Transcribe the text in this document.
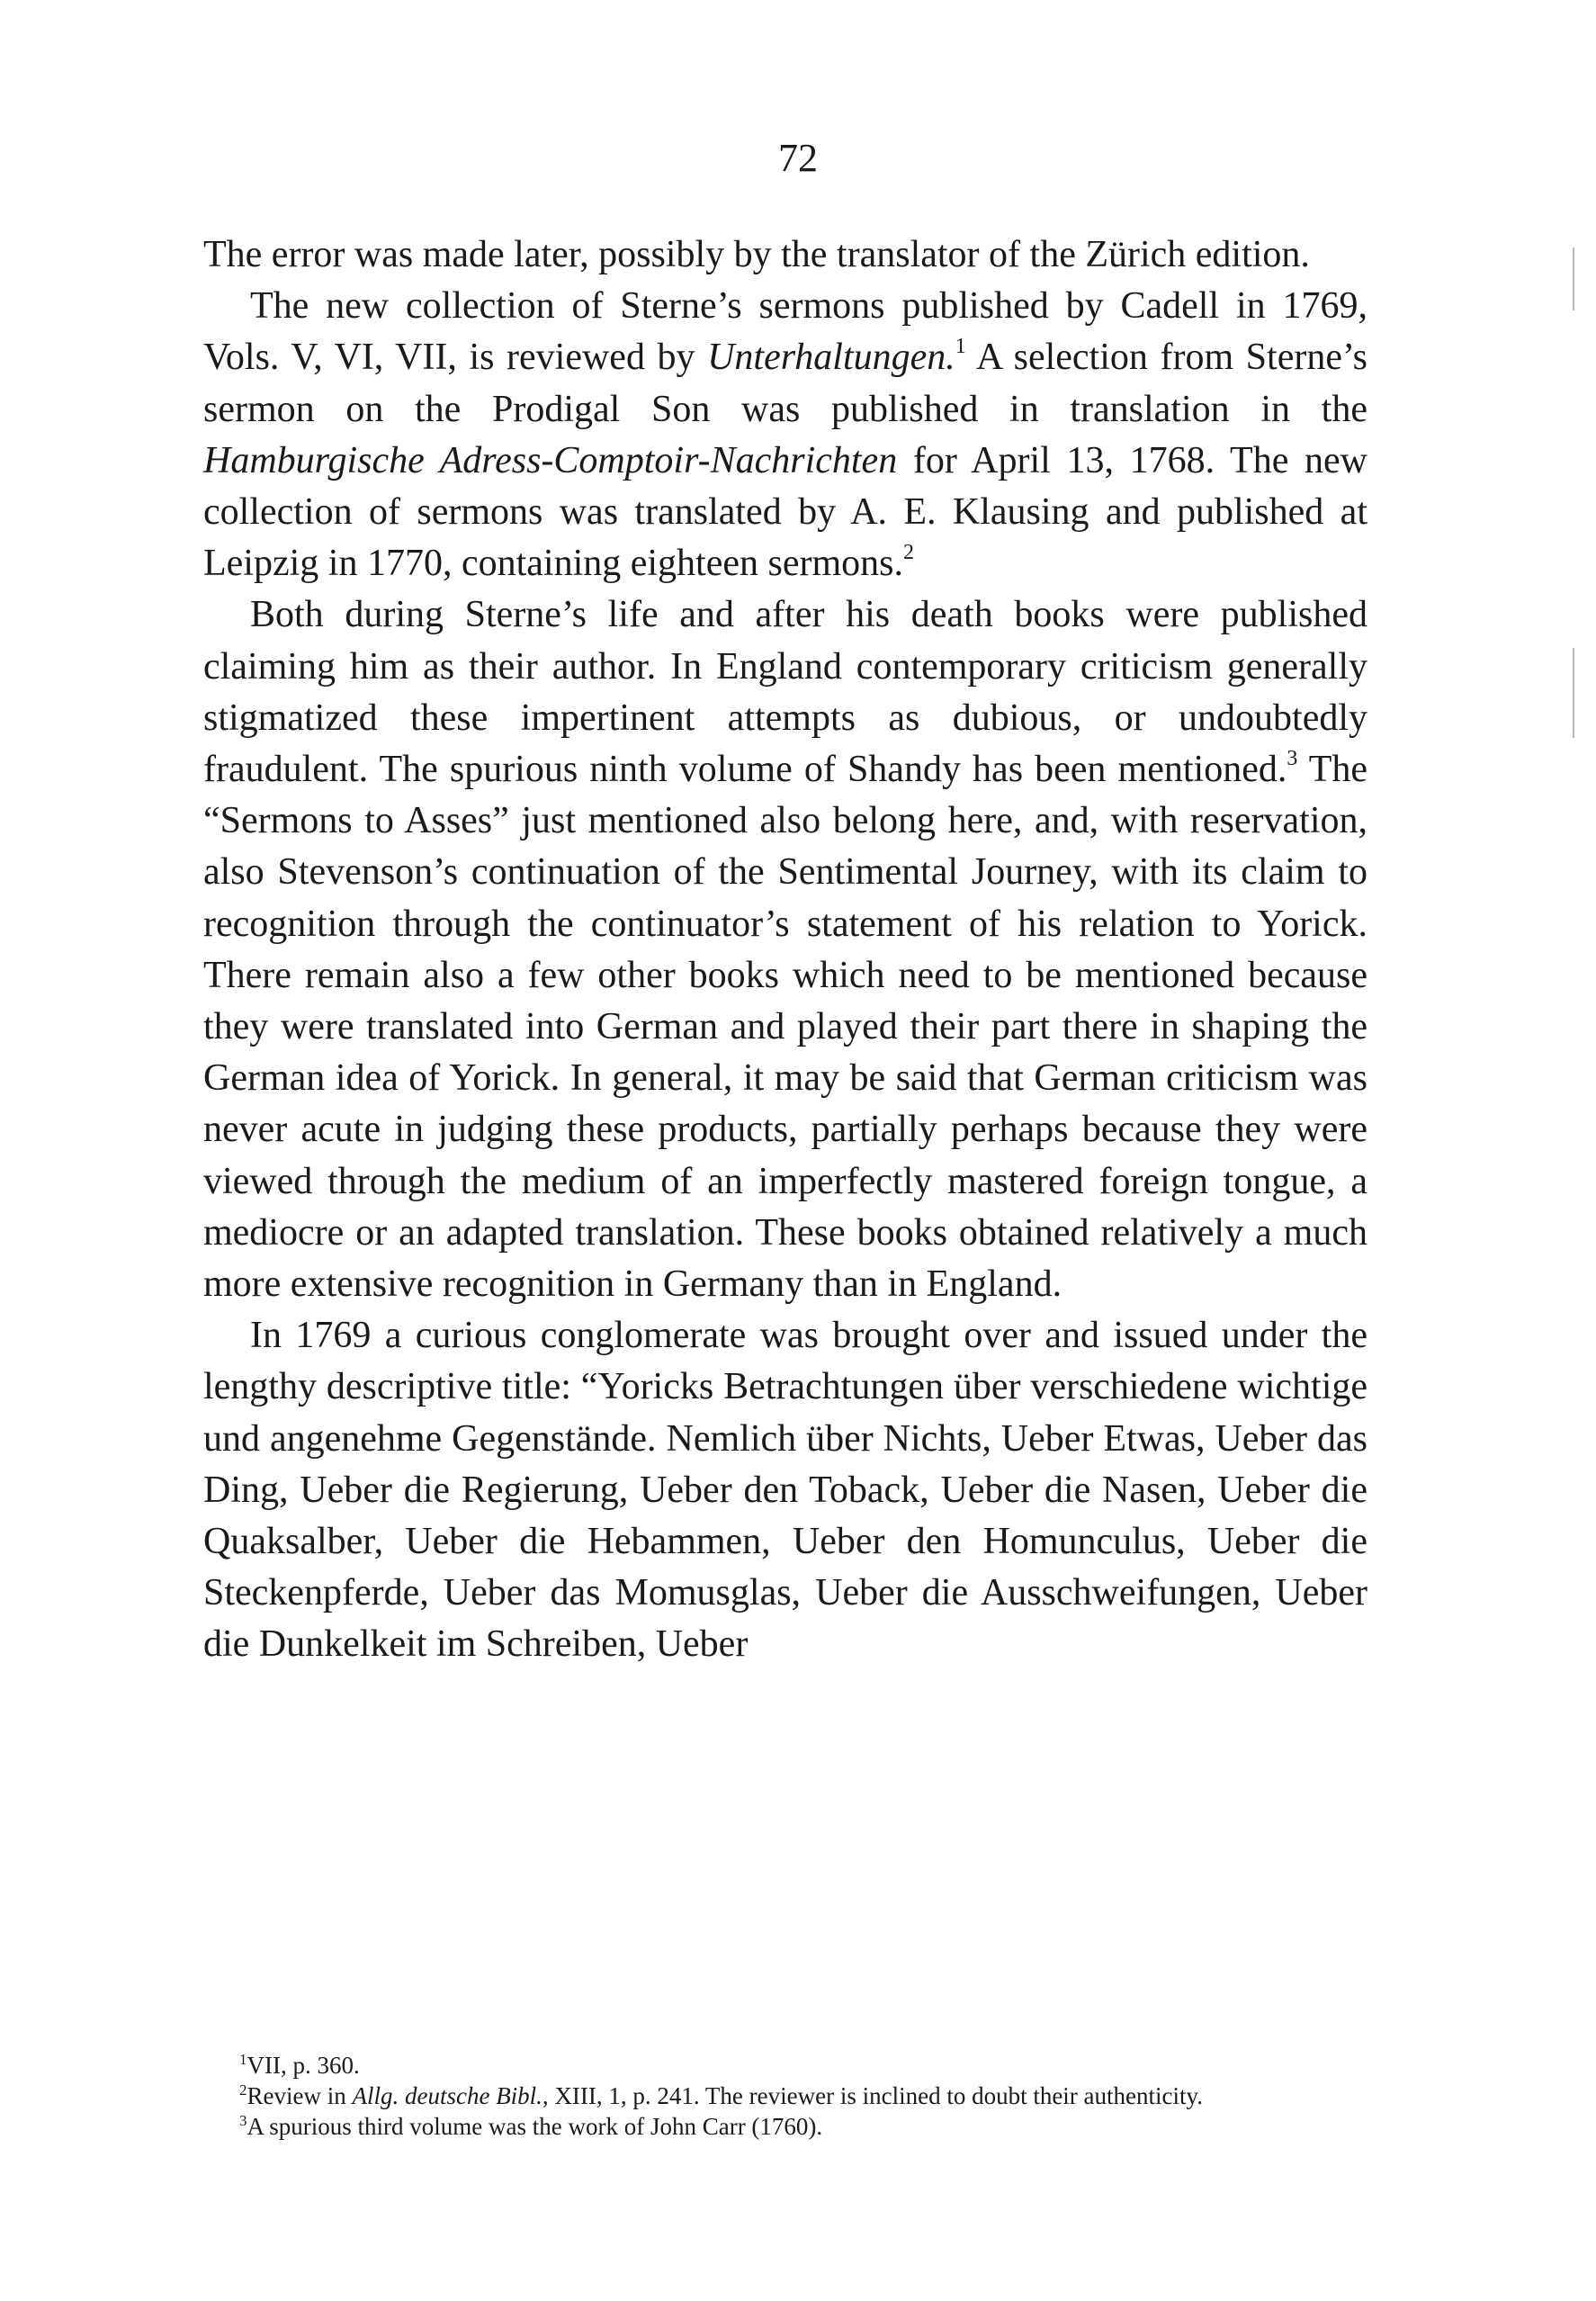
72

The error was made later, possibly by the translator of the Zürich edition.

The new collection of Sterne’s sermons published by Cadell in 1769, Vols. V, VI, VII, is reviewed by Unterhaltungen.$^1$ A selection from Sterne’s sermon on the Prodigal Son was published in translation in the Hamburgische Adress-Comptoir-Nachrichten for April 13, 1768. The new collection of sermons was translated by A. E. Klausing and published at Leipzig in 1770, containing eighteen sermons.$^2$

Both during Sterne’s life and after his death books were published claiming him as their author. In England contemporary criticism generally stigmatized these impertinent attempts as dubious, or undoubtedly fraudulent. The spurious ninth volume of Shandy has been mentioned.$^3$ The “Sermons to Asses” just mentioned also belong here, and, with reservation, also Stevenson’s continuation of the Sentimental Journey, with its claim to recognition through the continuator’s statement of his relation to Yorick. There remain also a few other books which need to be mentioned because they were translated into German and played their part there in shaping the German idea of Yorick. In general, it may be said that German criticism was never acute in judging these products, partially perhaps because they were viewed through the medium of an imperfectly mastered foreign tongue, a mediocre or an adapted translation. These books obtained relatively a much more extensive recognition in Germany than in England.

In 1769 a curious conglomerate was brought over and issued under the lengthy descriptive title: “Yoricks Betrachtungen über verschiedene wichtige und angenehme Gegenstände. Nemlich über Nichts, Ueber Etwas, Ueber das Ding, Ueber die Regierung, Ueber den Toback, Ueber die Nasen, Ueber die Quaksalber, Ueber die Hebammen, Ueber den Homunculus, Ueber die Steckenpferde, Ueber das Momusglas, Ueber die Ausschweifungen, Ueber die Dunkelkeit im Schreiben, Ueber

$^1$VII, p. 360.

$^2$Review in Allg. deutsche Bibl., XIII, 1, p. 241. The reviewer is inclined to doubt their authenticity.

$^3$A spurious third volume was the work of John Carr (1760).
